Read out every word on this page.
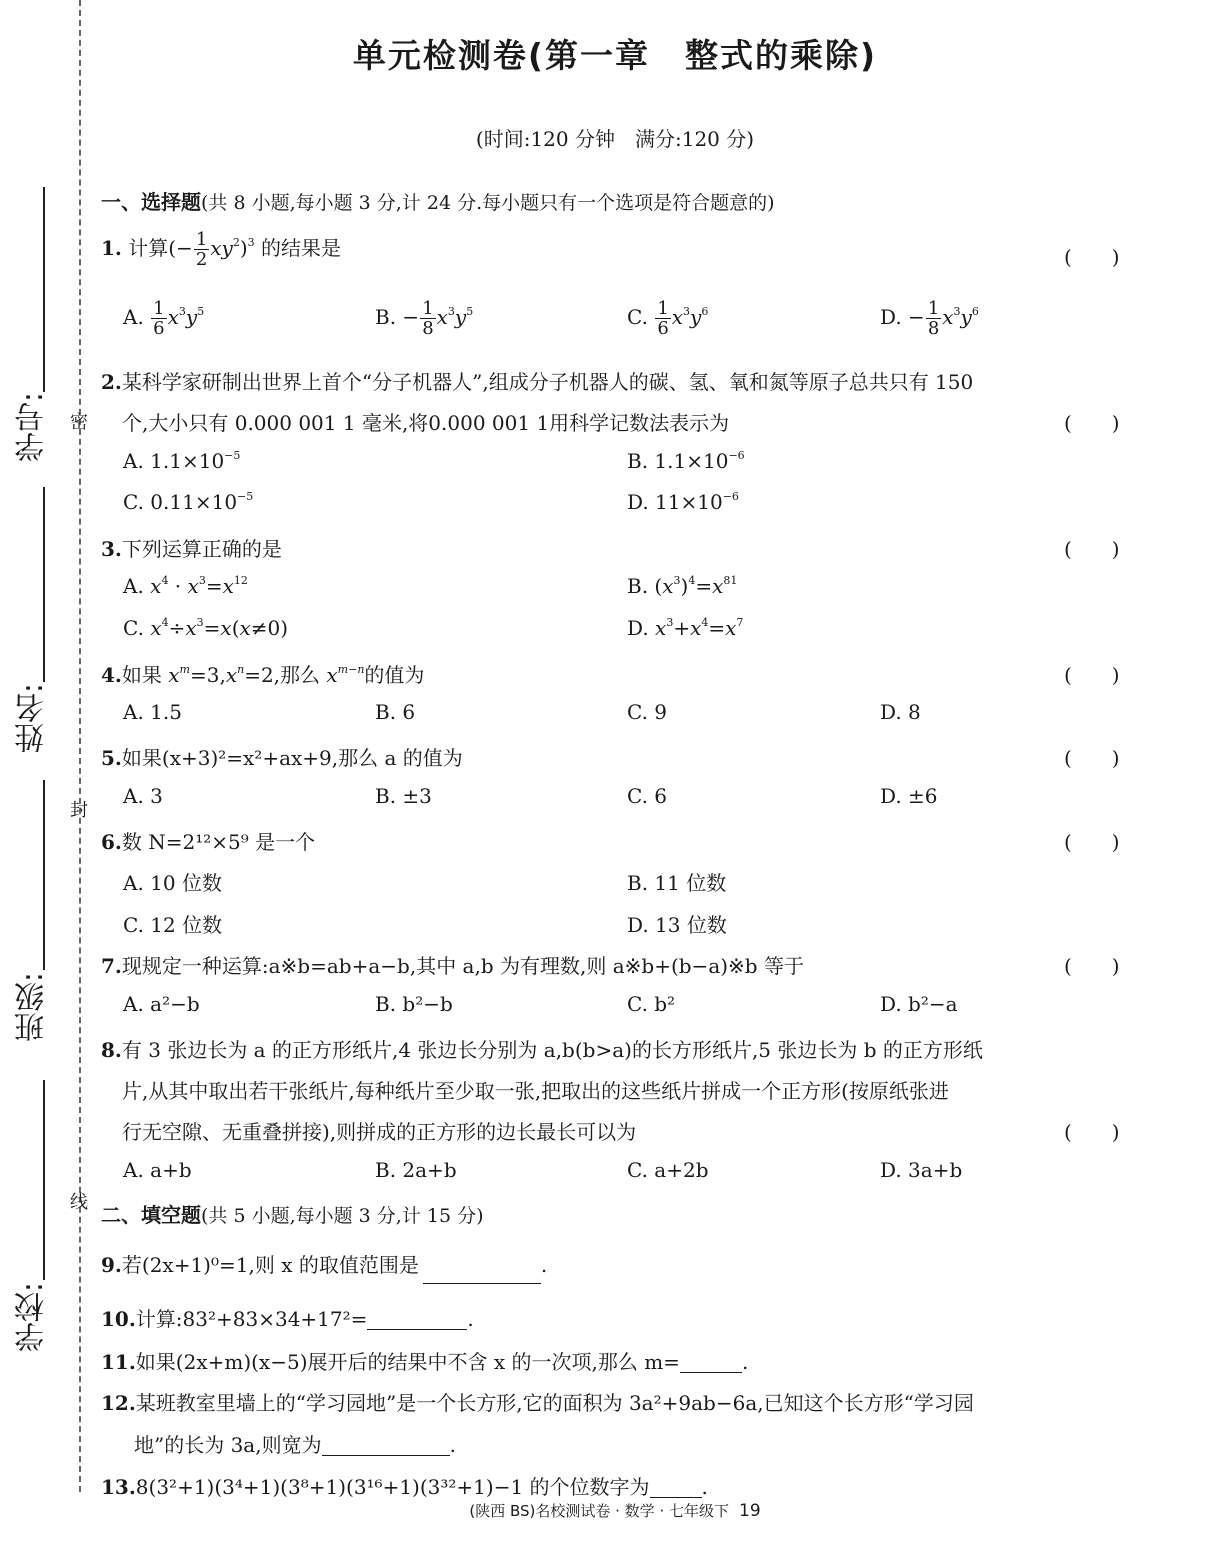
学号:
姓名:
班级:
学校:
密
封
线
单元检测卷(第一章　整式的乘除)
(时间:120 分钟　满分:120 分)
一、选择题(共 8 小题,每小题 3 分,计 24 分.每小题只有一个选项是符合题意的)
1. 计算(− $\frac{1}{2} xy^2)^3$ 的结果是	(　　)
A. $\frac{1}{6} x^3y^5$	B. − $\frac{1}{8} x^3y^5$	C. $\frac{1}{6} x^3y^6$	D. − $\frac{1}{8} x^3y^6$
2.某科学家研制出世界上首个“分子机器人”,组成分子机器人的碳、氢、氧和氮等原子总共只有 150
个,大小只有 0.000 001 1 毫米,将0.000 001 1用科学记数法表示为	(　　)
A. $1.1\times 10^{-5}$	B. $1.1\times 10^{-6}$
C. $0.11\times 10^{-5}$	D. $11\times 10^{-6}$
3.下列运算正确的是	(　　)
A. $x^4 \cdot x^3=x^{12}$	B. $(x^3)^4=x^{81}$
C. $x^4\div x^3=x(x\ne 0)$	D. $x^3+x^4=x^7$
4.如果 $x^m=3,x^n=2$,那么 $x^{m-n}$的值为	(　　)
A. 1.5	B. 6	C. 9	D. 8
5.如果(x+3)²=x²+ax+9,那么 a 的值为	(　　)
A. 3	B. ±3	C. 6	D. ±6
6.数 N=2¹²×5⁹ 是一个	(　　)
A. 10 位数	B. 11 位数
C. 12 位数	D. 13 位数
7.现规定一种运算:a※b=ab+a−b,其中 a,b 为有理数,则 a※b+(b−a)※b 等于	(　　)
A. a²−b	B. b²−b	C. b²	D. b²−a
8.有 3 张边长为 a 的正方形纸片,4 张边长分别为 a,b(b>a)的长方形纸片,5 张边长为 b 的正方形纸
片,从其中取出若干张纸片,每种纸片至少取一张,把取出的这些纸片拼成一个正方形(按原纸张进
行无空隙、无重叠拼接),则拼成的正方形的边长最长可以为	(　　)
A. a+b	B. 2a+b	C. a+2b	D. 3a+b
二、填空题(共 5 小题,每小题 3 分,计 15 分)
9.若(2x+1)⁰=1,则 x 的取值范围是	.
10.计算:83²+83×34+17²=	.
11.如果(2x+m)(x−5)展开后的结果中不含 x 的一次项,那么 m=	.
12.某班教室里墙上的“学习园地”是一个长方形,它的面积为 3a²+9ab−6a,已知这个长方形“学习园
地”的长为 3a,则宽为	.
13.8(3²+1)(3⁴+1)(3⁸+1)(3¹⁶+1)(3³²+1)−1 的个位数字为	.
(陕西 BS)名校测试卷 · 数学 · 七年级下 19
